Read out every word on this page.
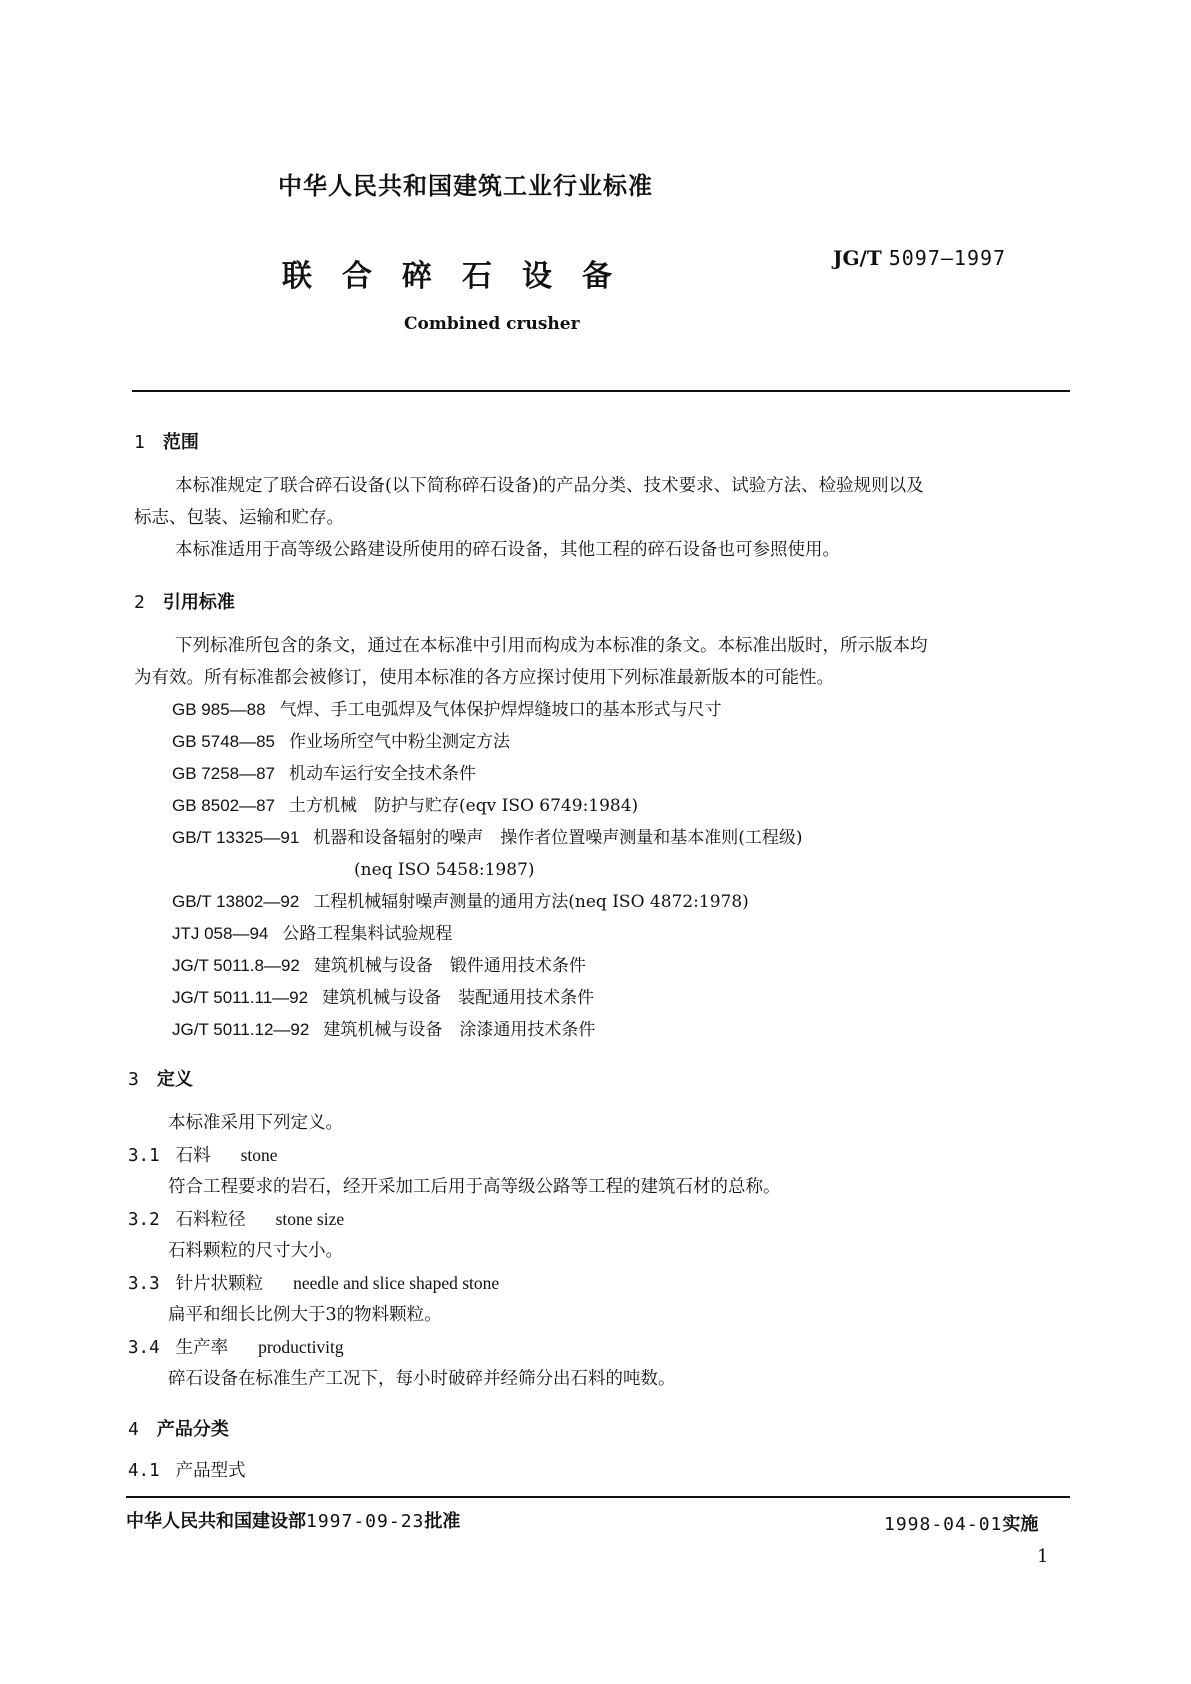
中华人民共和国建筑工业行业标准
联合碎石设备
JG/T 5097—1997
Combined crusher
1 范围
本标准规定了联合碎石设备(以下简称碎石设备)的产品分类、技术要求、试验方法、检验规则以及
标志、包装、运输和贮存。
本标准适用于高等级公路建设所使用的碎石设备，其他工程的碎石设备也可参照使用。
2 引用标准
下列标准所包含的条文，通过在本标准中引用而构成为本标准的条文。本标准出版时，所示版本均
为有效。所有标准都会被修订，使用本标准的各方应探讨使用下列标准最新版本的可能性。
GB 985—88 气焊、手工电弧焊及气体保护焊焊缝坡口的基本形式与尺寸
GB 5748—85 作业场所空气中粉尘测定方法
GB 7258—87 机动车运行安全技术条件
GB 8502—87 土方机械　防护与贮存(eqv ISO 6749:1984)
GB/T 13325—91 机器和设备辐射的噪声　操作者位置噪声测量和基本准则(工程级)
(neq ISO 5458:1987)
GB/T 13802—92 工程机械辐射噪声测量的通用方法(neq ISO 4872:1978)
JTJ 058—94 公路工程集料试验规程
JG/T 5011.8—92 建筑机械与设备　锻件通用技术条件
JG/T 5011.11—92 建筑机械与设备　装配通用技术条件
JG/T 5011.12—92 建筑机械与设备　涂漆通用技术条件
3 定义
本标准采用下列定义。
3.1 石料 stone
符合工程要求的岩石，经开采加工后用于高等级公路等工程的建筑石材的总称。
3.2 石料粒径 stone size
石料颗粒的尺寸大小。
3.3 针片状颗粒 needle and slice shaped stone
扁平和细长比例大于3的物料颗粒。
3.4 生产率 productivitg
碎石设备在标准生产工况下，每小时破碎并经筛分出石料的吨数。
4 产品分类
4.1 产品型式
中华人民共和国建设部1997-09-23批准	1998-04-01实施
1
